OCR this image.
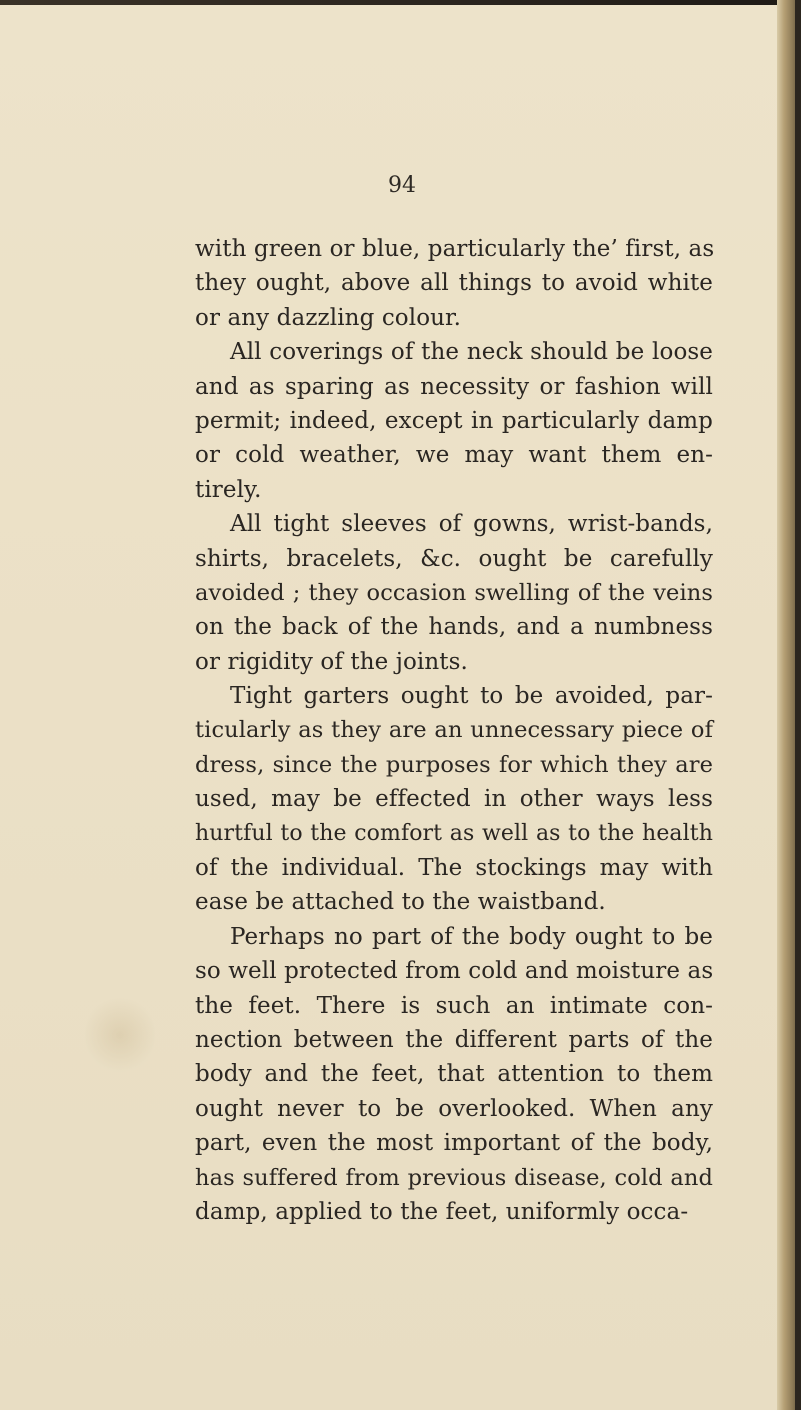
94
with green or blue, particularly the’ first, as
they ought, above all things to avoid white
or any dazzling colour.
All coverings of the neck should be loose
and as sparing as necessity or fashion will
permit; indeed, except in particularly damp
or cold weather, we may want them en-
tirely.
All tight sleeves of gowns, wrist-bands,
shirts, bracelets, &c. ought be carefully
avoided ; they occasion swelling of the veins
on the back of the hands, and a numbness
or rigidity of the joints.
Tight garters ought to be avoided, par-
ticularly as they are an unnecessary piece of
dress, since the purposes for which they are
used, may be effected in other ways less
hurtful to the comfort as well as to the health
of the individual. The stockings may with
ease be attached to the waistband.
Perhaps no part of the body ought to be
so well protected from cold and moisture as
the feet. There is such an intimate con-
nection between the different parts of the
body and the feet, that attention to them
ought never to be overlooked. When any
part, even the most important of the body,
has suffered from previous disease, cold and
damp, applied to the feet, uniformly occa-
